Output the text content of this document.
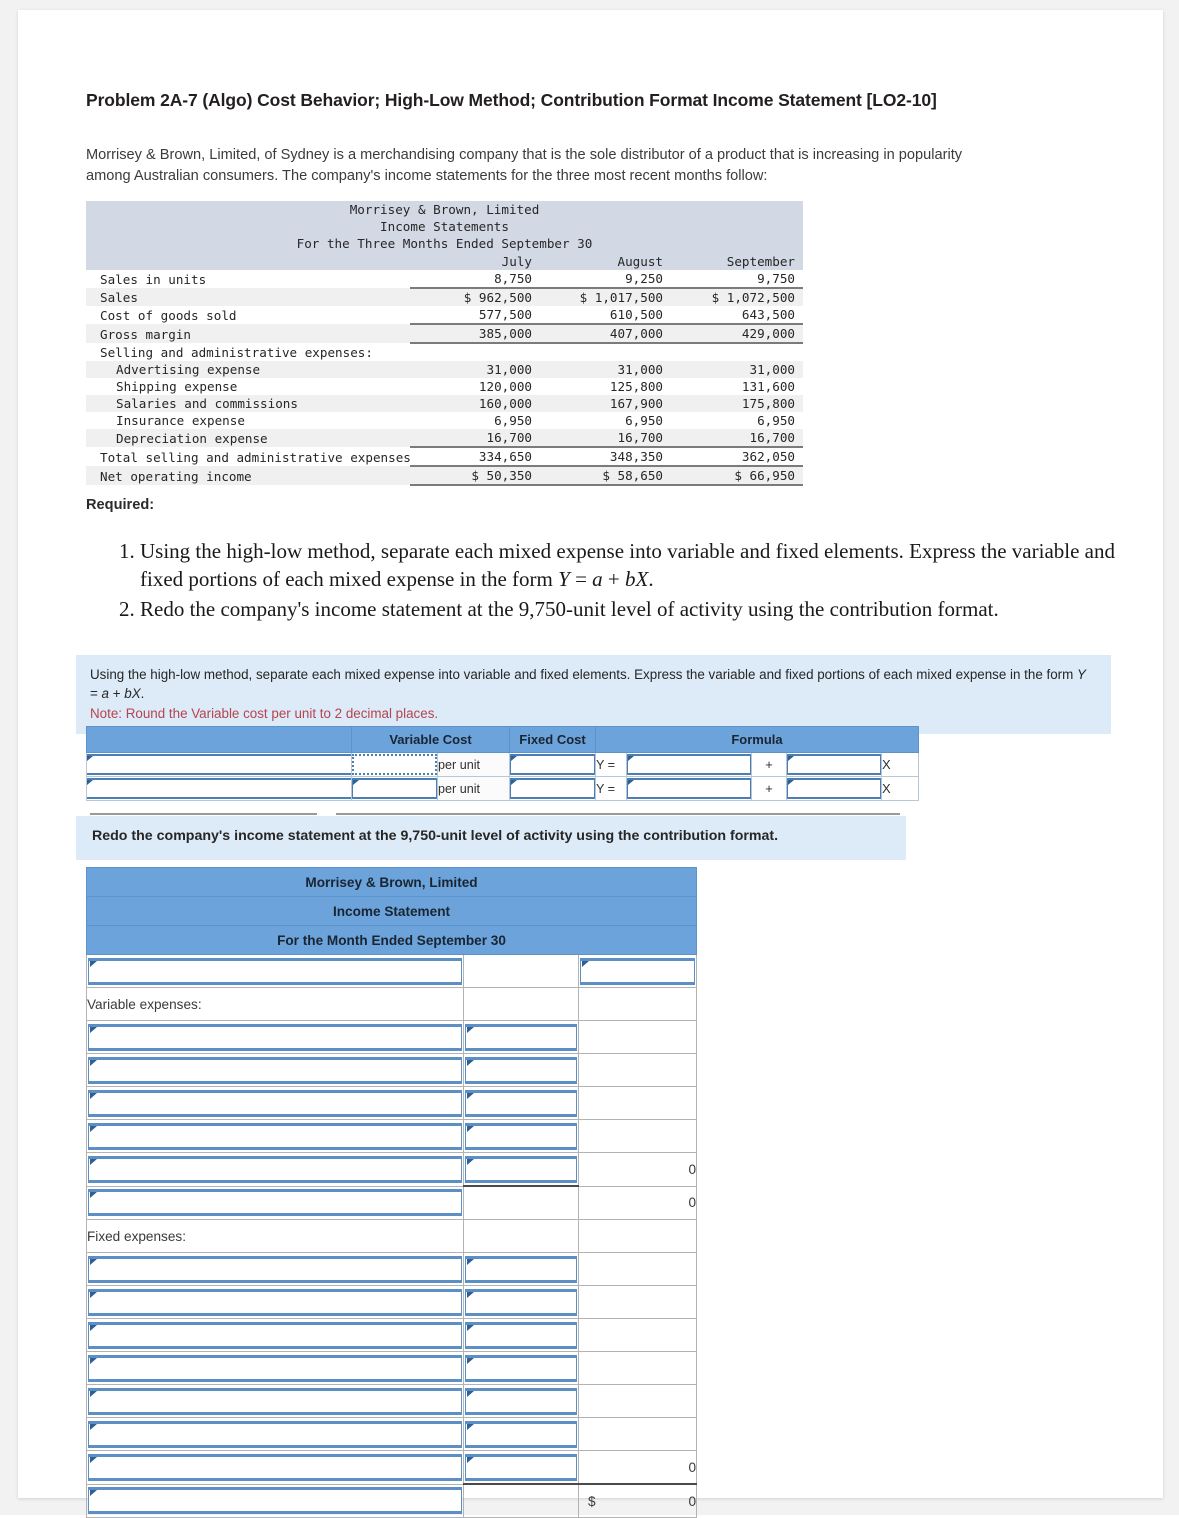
Problem 2A-7 (Algo) Cost Behavior; High-Low Method; Contribution Format Income Statement [LO2-10]
Morrisey & Brown, Limited, of Sydney is a merchandising company that is the sole distributor of a product that is increasing in popularity among Australian consumers. The company's income statements for the three most recent months follow:
Morrisey & Brown, Limited			
Income Statements			
For the Three Months Ended September 30			
	July	August	September
Sales in units	8,750	9,250	9,750
Sales	$ 962,500	$ 1,017,500	$ 1,072,500
Cost of goods sold	577,500	610,500	643,500
Gross margin	385,000	407,000	429,000
Selling and administrative expenses:			
Advertising expense	31,000	31,000	31,000
Shipping expense	120,000	125,800	131,600
Salaries and commissions	160,000	167,900	175,800
Insurance expense	6,950	6,950	6,950
Depreciation expense	16,700	16,700	16,700
Total selling and administrative expenses	334,650	348,350	362,050
Net operating income	$ 50,350	$ 58,650	$ 66,950
Required:
1. Using the high-low method, separate each mixed expense into variable and fixed elements. Express the variable and fixed portions of each mixed expense in the form Y = a + bX.
2. Redo the company's income statement at the 9,750-unit level of activity using the contribution format.
Using the high-low method, separate each mixed expense into variable and fixed elements. Express the variable and fixed portions of each mixed expense in the form Y = a + bX.
Note: Round the Variable cost per unit to 2 decimal places.
	Variable Cost		Fixed Cost	Formula				

	per unit		Y =		+		X

	per unit		Y =		+		X
Redo the company's income statement at the 9,750-unit level of activity using the contribution format.
Morrisey & Brown, Limited		
Income Statement		
For the Month Ended September 30		

Variable expenses:		

	0

		0
Fixed expenses:		

	0

		$ 0
